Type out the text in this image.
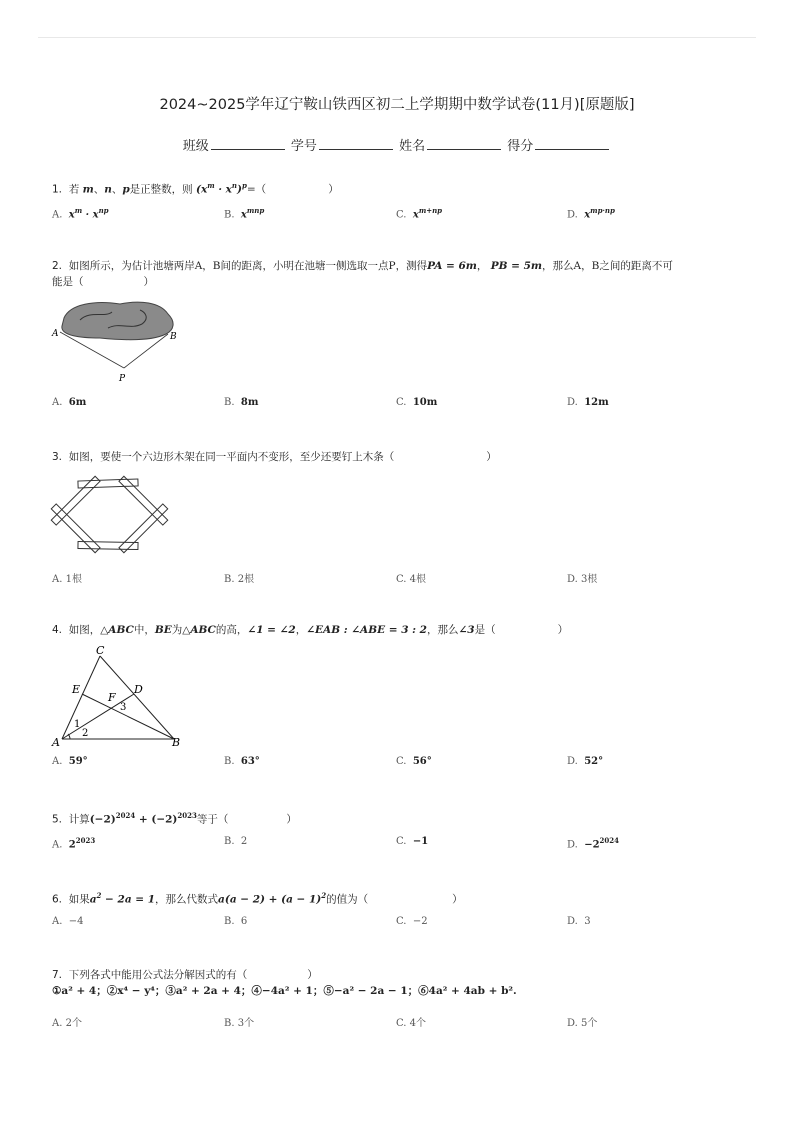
2024~2025学年辽宁鞍山铁西区初二上学期期中数学试卷(11月)[原题版]
班级	学号	姓名	得分
1. 若 m、n、p是正整数，则 $(x^m \cdot x^n)^p=$（	）
A. $x^m \cdot x^{np}$	B. $x^{mnp}$	C. $x^{m+np}$	D. $x^{mp\cdot np}$
2. 如图所示，为估计池塘两岸A，B间的距离，小明在池塘一侧选取一点P，测得PA = 6m， PB = 5m，那么A，B之间的距离不可
能是（	）
A	B
P
A. 6m	B. 8m	C. 10m	D. 12m
3. 如图，要使一个六边形木架在同一平面内不变形，至少还要钉上木条（	）
A. 1根	B. 2根	C. 4根	D. 3根
4. 如图，△ABC中，BE为△ABC的高，∠1 = ∠2，∠EAB : ∠ABE = 3 : 2，那么∠3是（	）
C
E	D
F
3
1
2
A	B
A. 59°	B. 63°	C. 56°	D. 52°
5. 计算$(-2)^{2024} + (-2)^{2023}$等于（	）
A. $2^{2023}$	B. 2	C. −1	D. $-2^{2024}$
6. 如果$a^2 - 2a = 1$，那么代数式$a(a - 2) + (a - 1)^2$的值为（	）
A. −4	B. 6	C. −2	D. 3
7. 下列各式中能用公式法分解因式的有（	）
①a² + 4；②x⁴ − y⁴；③a² + 2a + 4；④−4a² + 1；⑤−a² − 2a − 1；⑥4a² + 4ab + b².
A. 2个	B. 3个	C. 4个	D. 5个
